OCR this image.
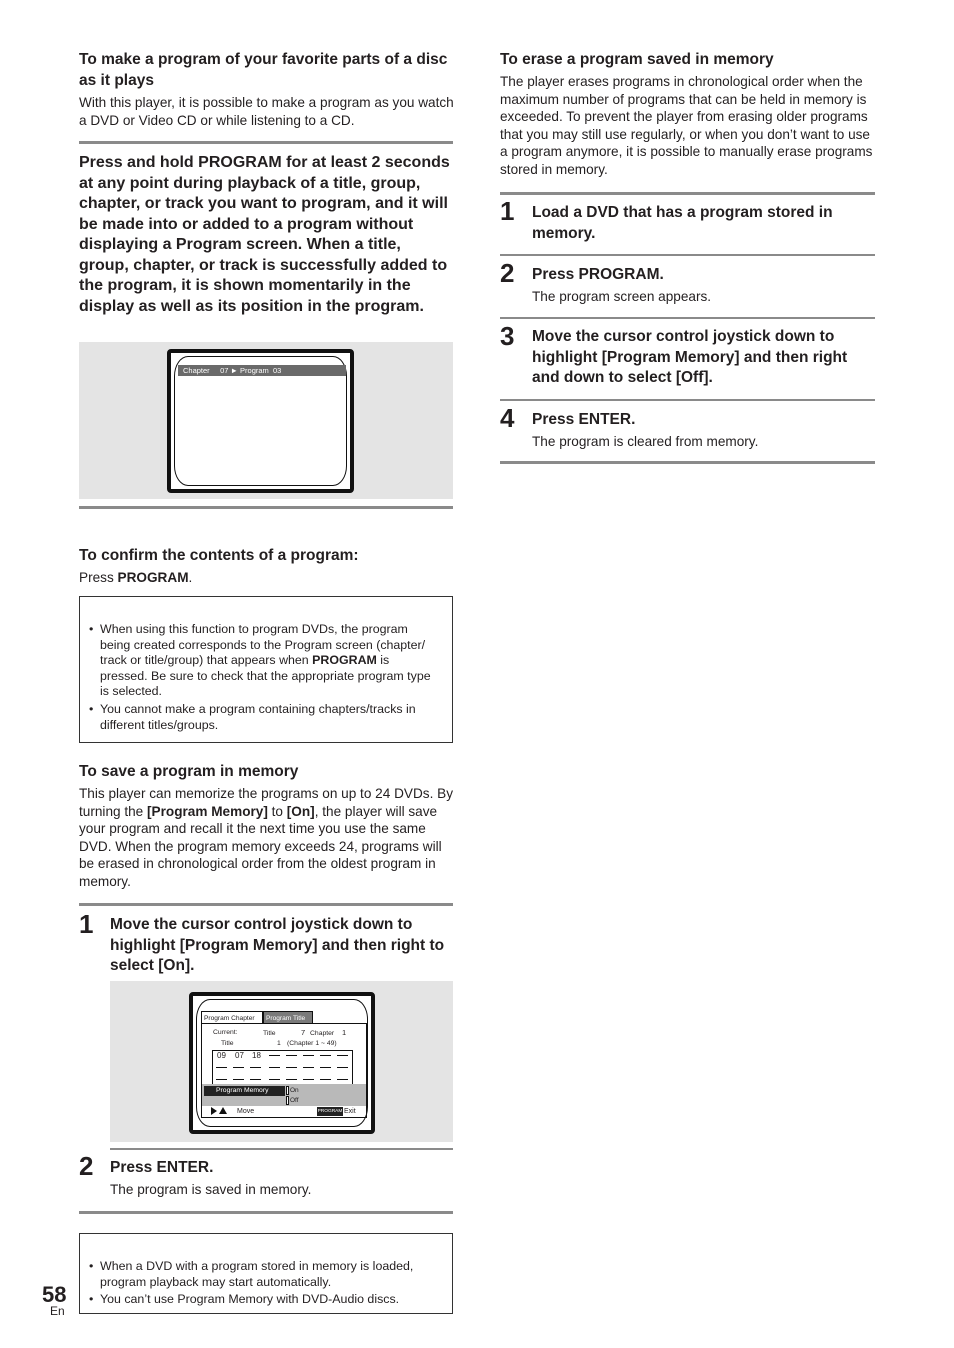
To make a program of your favorite parts of a disc as it plays
With this player, it is possible to make a program as you watch a DVD or Video CD or while listening to a CD.
Press and hold PROGRAM for at least 2 seconds at any point during playback of a title, group, chapter, or track you want to program, and it will be made into or added to a program without displaying a Program screen. When a title, group, chapter, or track is successfully added to the program, it is shown momentarily in the display as well as its position in the program.
Chapter     07 ► Program  03
To confirm the contents of a program:
Press PROGRAM.
• When using this function to program DVDs, the program being created corresponds to the Program screen (chapter/ track or title/group) that appears when PROGRAM is pressed. Be sure to check that the appropriate program type is selected.
• You cannot make a program containing chapters/tracks in different titles/groups.
To save a program in memory
This player can memorize the programs on up to 24 DVDs. By turning the [Program Memory] to [On], the player will save your program and recall it the next time you use the same DVD. When the program memory exceeds 24, programs will be erased in chronological order from the oldest program in memory.
1 Move the cursor control joystick down to highlight [Program Memory] and then right to select [On].
Program Chapter	Program Title
Current:	Title	7 Chapter 1
Title	1 (Chapter 1 ~ 49)
09 07 18
Program Memory	On
Off
Move	PROGRAM Exit
2 Press ENTER.
The program is saved in memory.
• When a DVD with a program stored in memory is loaded, program playback may start automatically.
• You can’t use Program Memory with DVD-Audio discs.
58
En
To erase a program saved in memory
The player erases programs in chronological order when the maximum number of programs that can be held in memory is exceeded. To prevent the player from erasing older programs that you may still use regularly, or when you don’t want to use a program anymore, it is possible to manually erase programs stored in memory.
1 Load a DVD that has a program stored in memory.
2 Press PROGRAM.
The program screen appears.
3 Move the cursor control joystick down to highlight [Program Memory] and then right and down to select [Off].
4 Press ENTER.
The program is cleared from memory.
